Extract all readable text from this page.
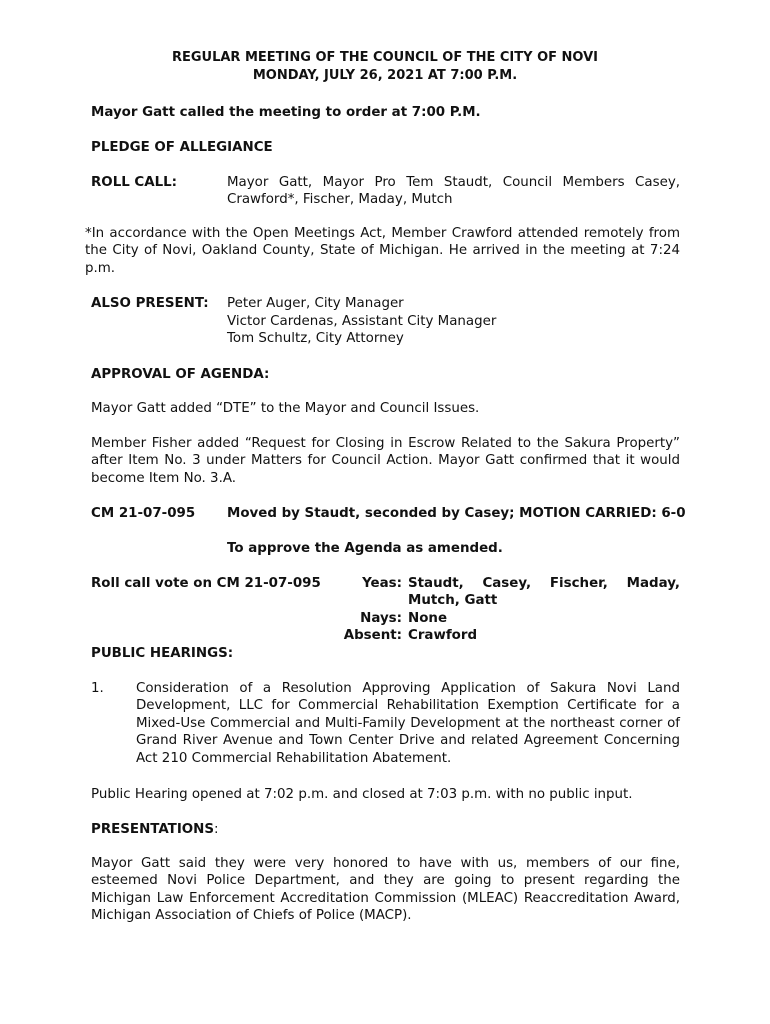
REGULAR MEETING OF THE COUNCIL OF THE CITY OF NOVI
MONDAY, JULY 26, 2021 AT 7:00 P.M.
Mayor Gatt called the meeting to order at 7:00 P.M.
PLEDGE OF ALLEGIANCE
ROLL CALL:	Mayor Gatt, Mayor Pro Tem Staudt, Council Members Casey, Crawford*, Fischer, Maday, Mutch
*In accordance with the Open Meetings Act, Member Crawford attended remotely from the City of Novi, Oakland County, State of Michigan. He arrived in the meeting at 7:24 p.m.
ALSO PRESENT: Peter Auger, City Manager
Victor Cardenas, Assistant City Manager
Tom Schultz, City Attorney
APPROVAL OF AGENDA:
Mayor Gatt added “DTE” to the Mayor and Council Issues.
Member Fisher added “Request for Closing in Escrow Related to the Sakura Property” after Item No. 3 under Matters for Council Action. Mayor Gatt confirmed that it would become Item No. 3.A.
CM 21-07-095 Moved by Staudt, seconded by Casey; MOTION CARRIED: 6-0
To approve the Agenda as amended.
Roll call vote on CM 21-07-095	Yeas: Staudt, Casey, Fischer, Maday, Mutch, Gatt
Nays: None
Absent: Crawford
PUBLIC HEARINGS:
1. Consideration of a Resolution Approving Application of Sakura Novi Land Development, LLC for Commercial Rehabilitation Exemption Certificate for a Mixed-Use Commercial and Multi-Family Development at the northeast corner of Grand River Avenue and Town Center Drive and related Agreement Concerning Act 210 Commercial Rehabilitation Abatement.
Public Hearing opened at 7:02 p.m. and closed at 7:03 p.m. with no public input.
PRESENTATIONS:
Mayor Gatt said they were very honored to have with us, members of our fine, esteemed Novi Police Department, and they are going to present regarding the Michigan Law Enforcement Accreditation Commission (MLEAC) Reaccreditation Award, Michigan Association of Chiefs of Police (MACP).
